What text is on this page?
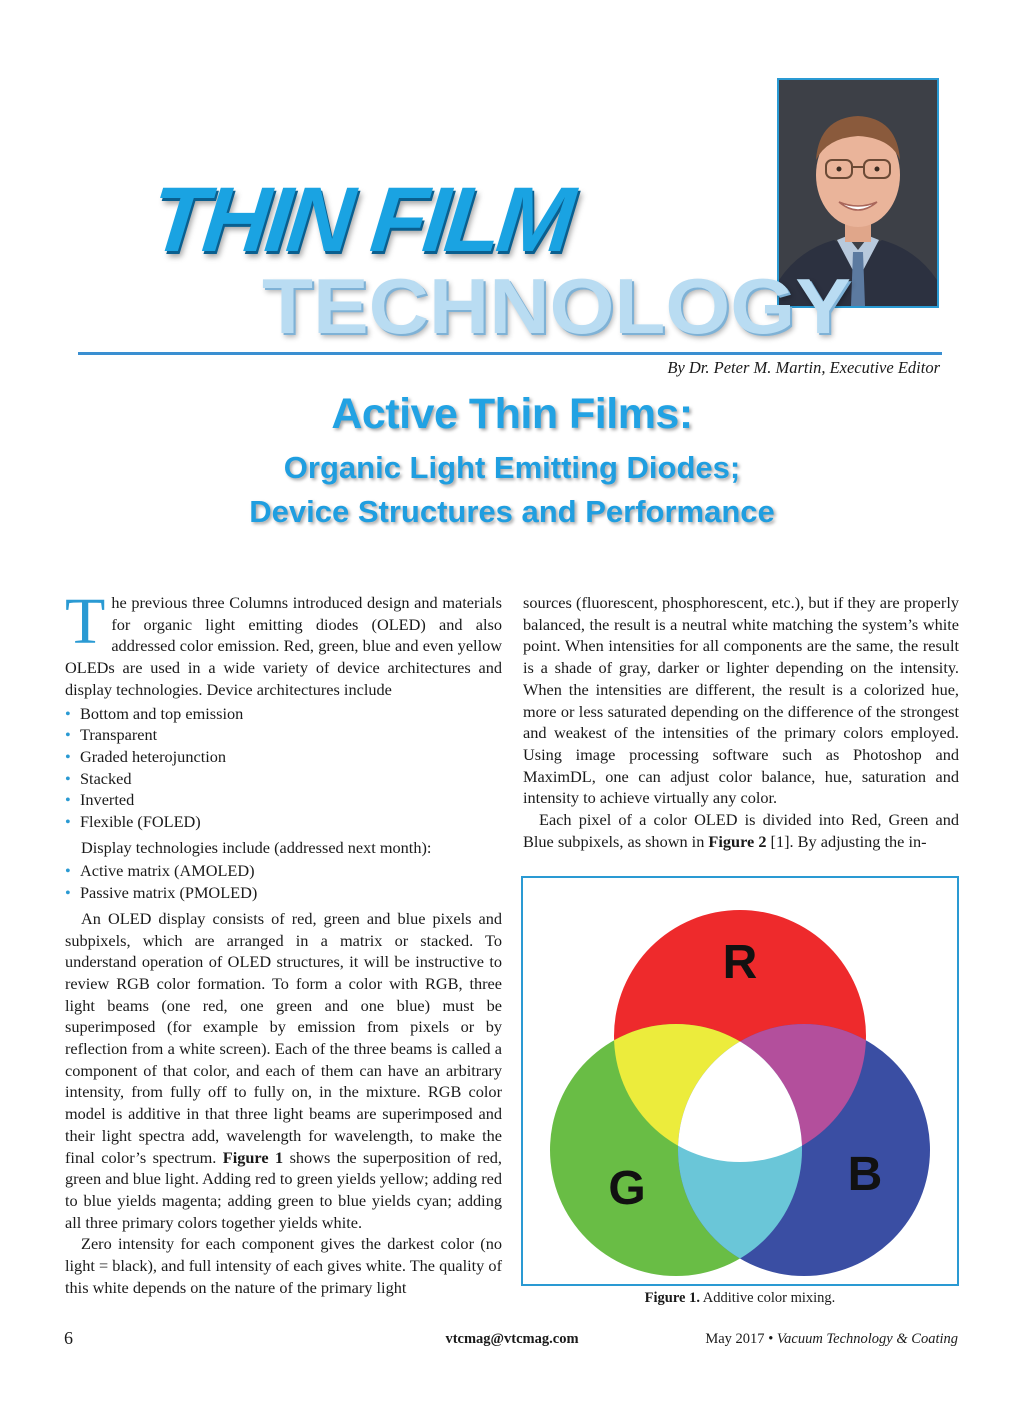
THIN FILM
TECHNOLOGY
By Dr. Peter M. Martin, Executive Editor
Active Thin Films:
Organic Light Emitting Diodes;
Device Structures and Performance

The previous three Columns introduced design and materials for organic light emitting diodes (OLED) and also addressed color emission. Red, green, blue and even yellow OLEDs are used in a wide variety of device architectures and display technologies. Device architectures include

• Bottom and top emission
• Transparent
• Graded heterojunction
• Stacked
• Inverted
• Flexible (FOLED)

Display technologies include (addressed next month):

• Active matrix (AMOLED)
• Passive matrix (PMOLED)

An OLED display consists of red, green and blue pixels and subpixels, which are arranged in a matrix or stacked. To understand operation of OLED structures, it will be instructive to review RGB color formation. To form a color with RGB, three light beams (one red, one green and one blue) must be superimposed (for example by emission from pixels or by reflection from a white screen). Each of the three beams is called a component of that color, and each of them can have an arbitrary intensity, from fully off to fully on, in the mixture. RGB color model is additive in that three light beams are superimposed and their light spectra add, wavelength for wavelength, to make the final color’s spectrum. Figure 1 shows the superposition of red, green and blue light. Adding red to green yields yellow; adding red to blue yields magenta; adding green to blue yields cyan; adding all three primary colors together yields white.

Zero intensity for each component gives the darkest color (no light = black), and full intensity of each gives white. The quality of this white depends on the nature of the primary light

sources (fluorescent, phosphorescent, etc.), but if they are properly balanced, the result is a neutral white matching the system’s white point. When intensities for all components are the same, the result is a shade of gray, darker or lighter depending on the intensity. When the intensities are different, the result is a colorized hue, more or less saturated depending on the difference of the strongest and weakest of the intensities of the primary colors employed. Using image processing software such as Photoshop and MaximDL, one can adjust color balance, hue, saturation and intensity to achieve virtually any color.

Each pixel of a color OLED is divided into Red, Green and Blue subpixels, as shown in Figure 2 [1]. By adjusting the in-

R
G	B
Figure 1. Additive color mixing.
6	vtcmag@vtcmag.com	May 2017 • Vacuum Technology & Coating
